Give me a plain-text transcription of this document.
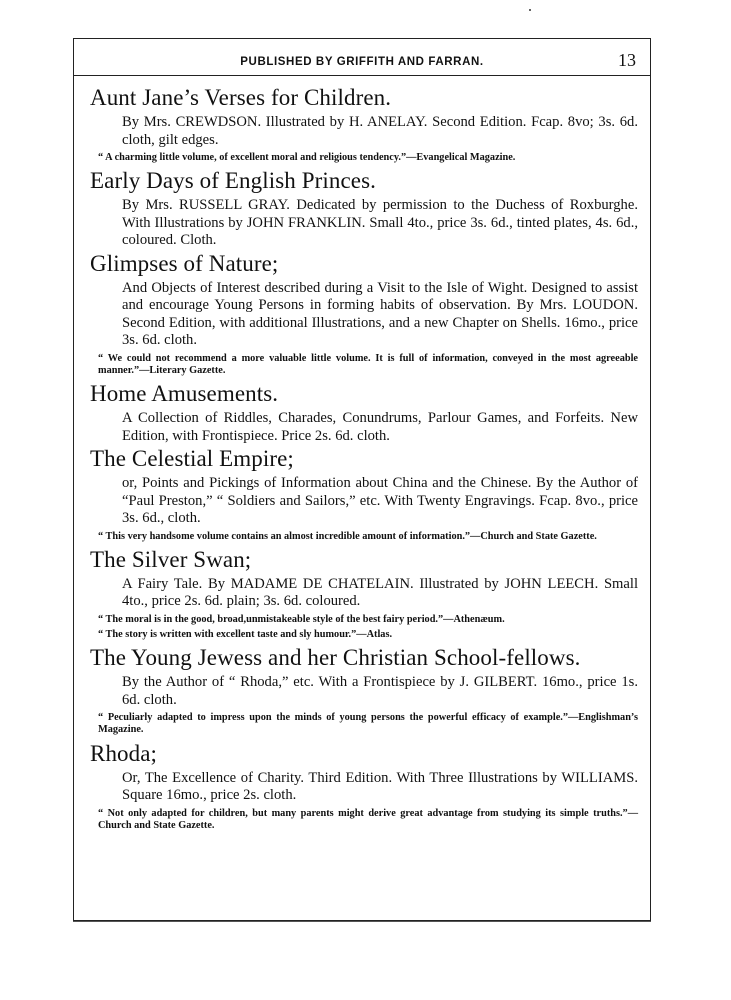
PUBLISHED BY GRIFFITH AND FARRAN.	13
Aunt Jane’s Verses for Children.

By Mrs. CREWDSON. Illustrated by H. ANELAY. Second Edition. Fcap. 8vo; 3s. 6d. cloth, gilt edges.

“ A charming little volume, of excellent moral and religious tendency.”—Evangelical Magazine.

Early Days of English Princes.

By Mrs. RUSSELL GRAY. Dedicated by permission to the Duchess of Roxburghe. With Illustrations by JOHN FRANKLIN. Small 4to., price 3s. 6d., tinted plates, 4s. 6d., coloured. Cloth.

Glimpses of Nature;

And Objects of Interest described during a Visit to the Isle of Wight. Designed to assist and encourage Young Persons in forming habits of observation. By Mrs. LOUDON. Second Edition, with additional Illustrations, and a new Chapter on Shells. 16mo., price 3s. 6d. cloth.

“ We could not recommend a more valuable little volume. It is full of information, conveyed in the most agreeable manner.”—Literary Gazette.

Home Amusements.

A Collection of Riddles, Charades, Conundrums, Parlour Games, and Forfeits. New Edition, with Frontispiece. Price 2s. 6d. cloth.

The Celestial Empire;

or, Points and Pickings of Information about China and the Chinese. By the Author of “Paul Preston,” “ Soldiers and Sailors,” etc. With Twenty Engravings. Fcap. 8vo., price 3s. 6d., cloth.

“ This very handsome volume contains an almost incredible amount of information.”—Church and State Gazette.

The Silver Swan;

A Fairy Tale. By MADAME DE CHATELAIN. Illustrated by JOHN LEECH. Small 4to., price 2s. 6d. plain; 3s. 6d. coloured.

“ The moral is in the good, broad,unmistakeable style of the best fairy period.”—Athenæum.

“ The story is written with excellent taste and sly humour.”—Atlas.

The Young Jewess and her Christian School-fellows.

By the Author of “ Rhoda,” etc. With a Frontispiece by J. GILBERT. 16mo., price 1s. 6d. cloth.

“ Peculiarly adapted to impress upon the minds of young persons the powerful efficacy of example.”—Englishman’s Magazine.

Rhoda;

Or, The Excellence of Charity. Third Edition. With Three Illustrations by WILLIAMS. Square 16mo., price 2s. cloth.

“ Not only adapted for children, but many parents might derive great advantage from studying its simple truths.”—Church and State Gazette.
